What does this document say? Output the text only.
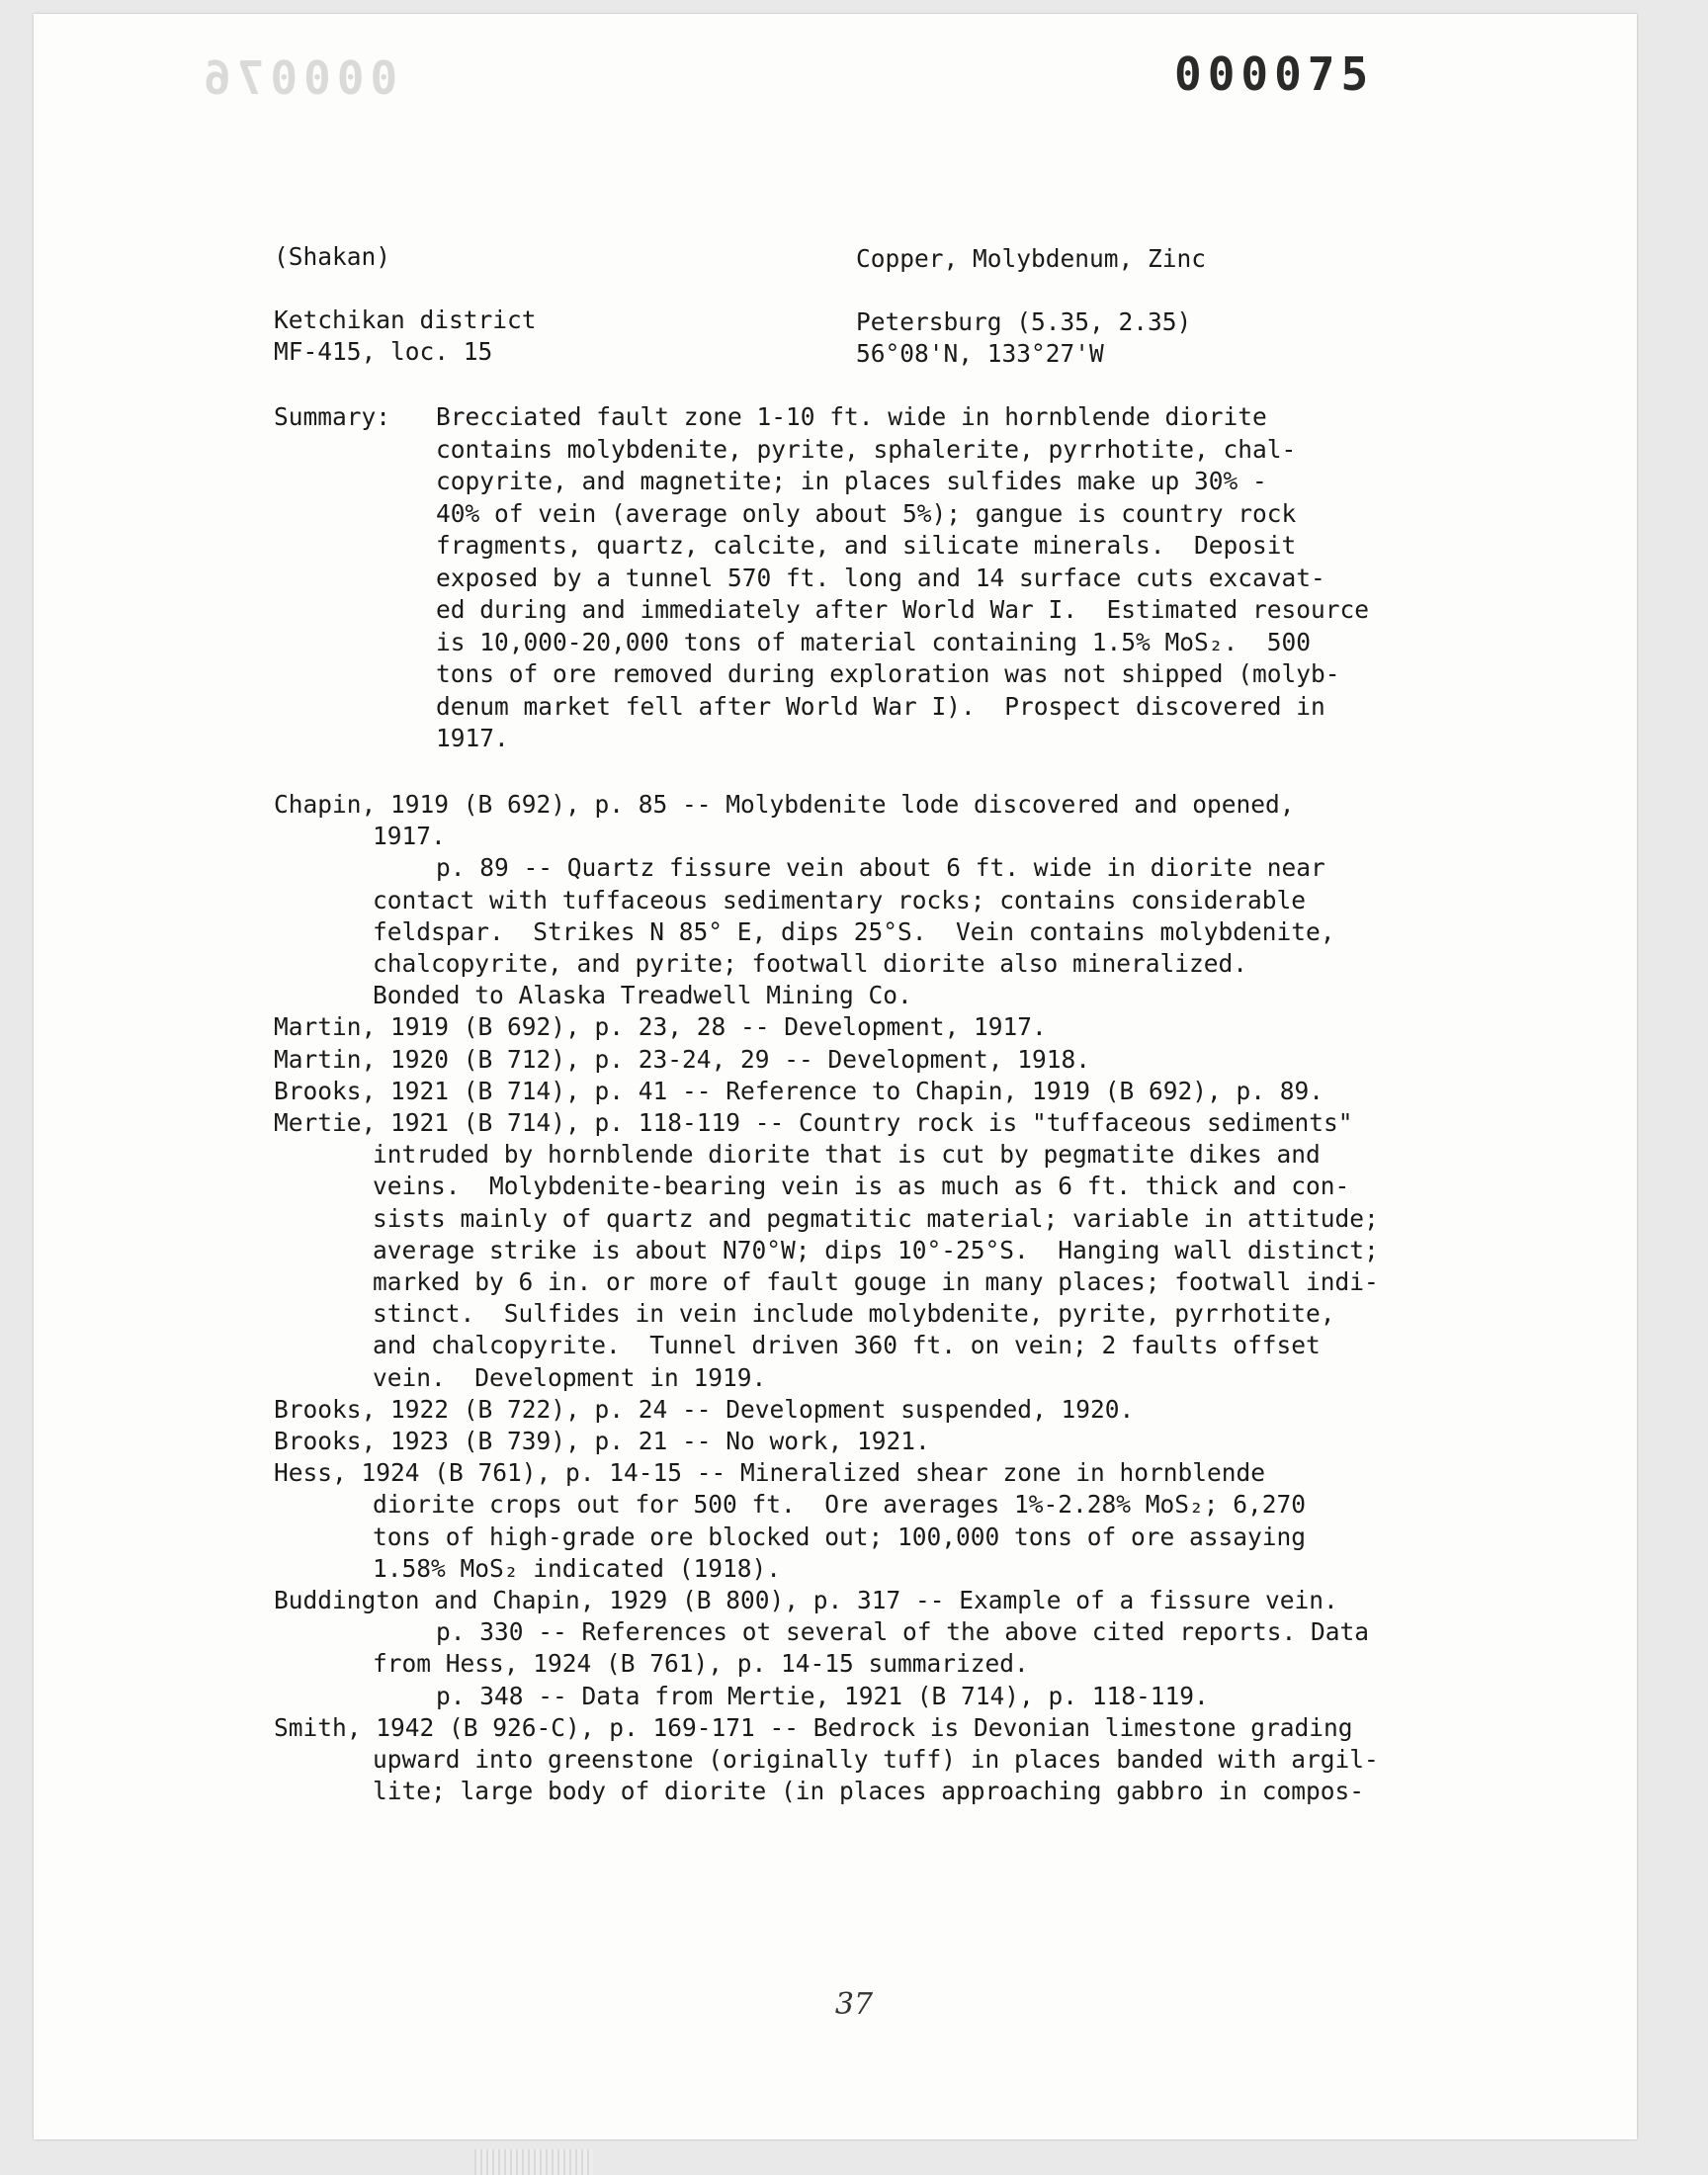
000076	000075
(Shakan)	Copper, Molybdenum, Zinc
Ketchikan district	Petersburg (5.35, 2.35)
MF-415, loc. 15	56°08'N, 133°27'W
Summary: Brecciated fault zone 1-10 ft. wide in hornblende diorite
contains molybdenite, pyrite, sphalerite, pyrrhotite, chal-
copyrite, and magnetite; in places sulfides make up 30% -
40% of vein (average only about 5%); gangue is country rock
fragments, quartz, calcite, and silicate minerals.  Deposit
exposed by a tunnel 570 ft. long and 14 surface cuts excavat-
ed during and immediately after World War I.  Estimated resource
is 10,000-20,000 tons of material containing 1.5% MoS₂.  500
tons of ore removed during exploration was not shipped (molyb-
denum market fell after World War I).  Prospect discovered in
1917.
Chapin, 1919 (B 692), p. 85 -- Molybdenite lode discovered and opened,
1917.
p. 89 -- Quartz fissure vein about 6 ft. wide in diorite near
contact with tuffaceous sedimentary rocks; contains considerable
feldspar.  Strikes N 85° E, dips 25°S.  Vein contains molybdenite,
chalcopyrite, and pyrite; footwall diorite also mineralized.
Bonded to Alaska Treadwell Mining Co.
Martin, 1919 (B 692), p. 23, 28 -- Development, 1917.
Martin, 1920 (B 712), p. 23-24, 29 -- Development, 1918.
Brooks, 1921 (B 714), p. 41 -- Reference to Chapin, 1919 (B 692), p. 89.
Mertie, 1921 (B 714), p. 118-119 -- Country rock is "tuffaceous sediments"
intruded by hornblende diorite that is cut by pegmatite dikes and
veins.  Molybdenite-bearing vein is as much as 6 ft. thick and con-
sists mainly of quartz and pegmatitic material; variable in attitude;
average strike is about N70°W; dips 10°-25°S.  Hanging wall distinct;
marked by 6 in. or more of fault gouge in many places; footwall indi-
stinct.  Sulfides in vein include molybdenite, pyrite, pyrrhotite,
and chalcopyrite.  Tunnel driven 360 ft. on vein; 2 faults offset
vein.  Development in 1919.
Brooks, 1922 (B 722), p. 24 -- Development suspended, 1920.
Brooks, 1923 (B 739), p. 21 -- No work, 1921.
Hess, 1924 (B 761), p. 14-15 -- Mineralized shear zone in hornblende
diorite crops out for 500 ft.  Ore averages 1%-2.28% MoS₂; 6,270
tons of high-grade ore blocked out; 100,000 tons of ore assaying
1.58% MoS₂ indicated (1918).
Buddington and Chapin, 1929 (B 800), p. 317 -- Example of a fissure vein.
p. 330 -- References ot several of the above cited reports. Data
from Hess, 1924 (B 761), p. 14-15 summarized.
p. 348 -- Data from Mertie, 1921 (B 714), p. 118-119.
Smith, 1942 (B 926-C), p. 169-171 -- Bedrock is Devonian limestone grading
upward into greenstone (originally tuff) in places banded with argil-
lite; large body of diorite (in places approaching gabbro in compos-
37
